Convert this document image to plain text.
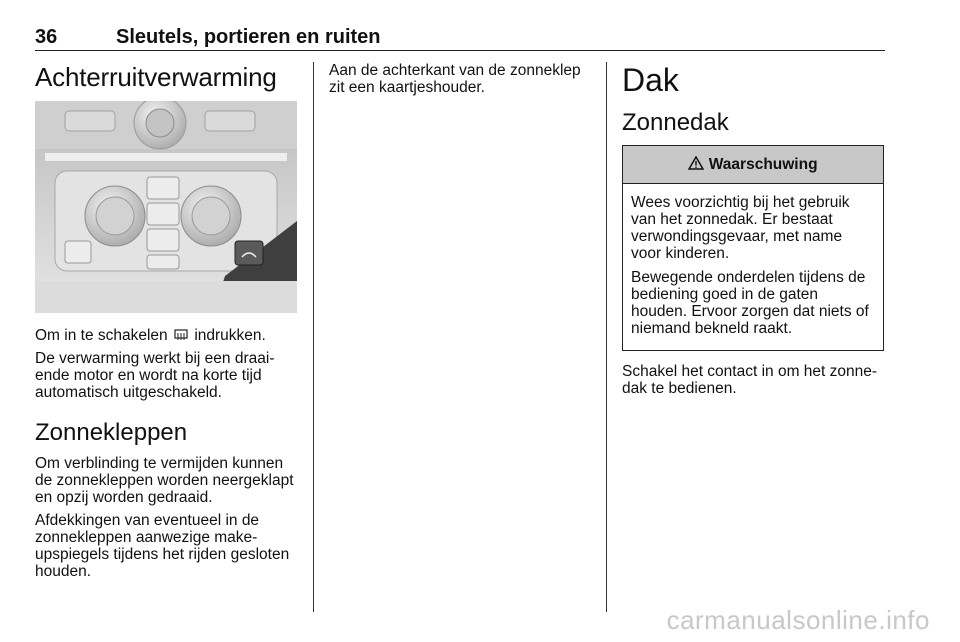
36	Sleutels, portieren en ruiten
Achterruitverwarming

Om in te schakelen indrukken.

De verwarming werkt bij een draaiende motor en wordt na korte tijd automatisch uitgeschakeld.

Zonnekleppen

Om verblinding te vermijden kunnen de zonnekleppen worden neergeklapt en opzij worden gedraaid.

Afdekkingen van eventueel in de zonnekleppen aanwezige make-upspiegels tijdens het rijden gesloten houden.

Aan de achterkant van de zonneklep zit een kaartjeshouder.	Dak
Zonnedak
Waarschuwing

Wees voorzichtig bij het gebruik van het zonnedak. Er bestaat verwondingsgevaar, met name voor kinderen.

Bewegende onderdelen tijdens de bediening goed in de gaten houden. Ervoor zorgen dat niets of niemand bekneld raakt.

Schakel het contact in om het zonnedak te bedienen.

carmanualsonline.info
